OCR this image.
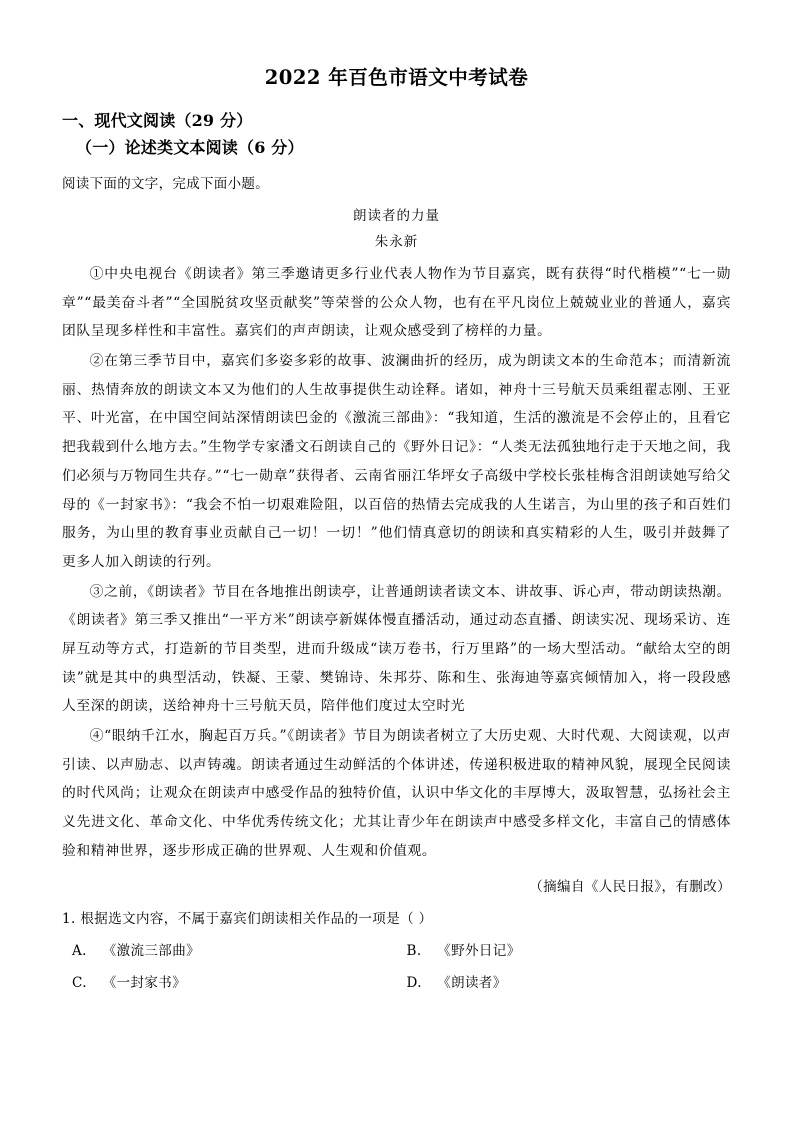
2022 年百色市语文中考试卷
一、现代文阅读（29 分）
（一）论述类文本阅读（6 分）
阅读下面的文字，完成下面小题。
朗读者的力量
朱永新

①中央电视台《朗读者》第三季邀请更多行业代表人物作为节目嘉宾，既有获得“时代楷模”“七一勋章”“最美奋斗者”“全国脱贫攻坚贡献奖”等荣誉的公众人物，也有在平凡岗位上兢兢业业的普通人，嘉宾团队呈现多样性和丰富性。嘉宾们的声声朗读，让观众感受到了榜样的力量。

②在第三季节目中，嘉宾们多姿多彩的故事、波澜曲折的经历，成为朗读文本的生命范本；而清新流丽、热情奔放的朗读文本又为他们的人生故事提供生动诠释。诸如，神舟十三号航天员乘组翟志刚、王亚平、叶光富，在中国空间站深情朗读巴金的《激流三部曲》：“我知道，生活的激流是不会停止的，且看它把我载到什么地方去。”生物学专家潘文石朗读自己的《野外日记》：“人类无法孤独地行走于天地之间，我们必须与万物同生共存。”“七一勋章”获得者、云南省丽江华坪女子高级中学校长张桂梅含泪朗读她写给父母的《一封家书》：“我会不怕一切艰难险阻，以百倍的热情去完成我的人生诺言，为山里的孩子和百姓们服务，为山里的教育事业贡献自己一切！一切！”他们情真意切的朗读和真实精彩的人生，吸引并鼓舞了更多人加入朗读的行列。

③之前，《朗读者》节目在各地推出朗读亭，让普通朗读者读文本、讲故事、诉心声，带动朗读热潮。《朗读者》第三季又推出“一平方米”朗读亭新媒体慢直播活动，通过动态直播、朗读实况、现场采访、连屏互动等方式，打造新的节目类型，进而升级成“读万卷书，行万里路”的一场大型活动。“献给太空的朗读”就是其中的典型活动，铁凝、王蒙、樊锦诗、朱邦芬、陈和生、张海迪等嘉宾倾情加入，将一段段感人至深的朗读，送给神舟十三号航天员，陪伴他们度过太空时光

④“眼纳千江水，胸起百万兵。”《朗读者》节目为朗读者树立了大历史观、大时代观、大阅读观，以声引读、以声励志、以声铸魂。朗读者通过生动鲜活的个体讲述，传递积极进取的精神风貌，展现全民阅读的时代风尚；让观众在朗读声中感受作品的独特价值，认识中华文化的丰厚博大，汲取智慧，弘扬社会主义先进文化、革命文化、中华优秀传统文化；尤其让青少年在朗读声中感受多样文化，丰富自己的情感体验和精神世界，逐步形成正确的世界观、人生观和价值观。

（摘编自《人民日报》，有删改）
1. 根据选文内容，不属于嘉宾们朗读相关作品的一项是（ ）
A. 《激流三部曲》	B. 《野外日记》
C. 《一封家书》	D. 《朗读者》
